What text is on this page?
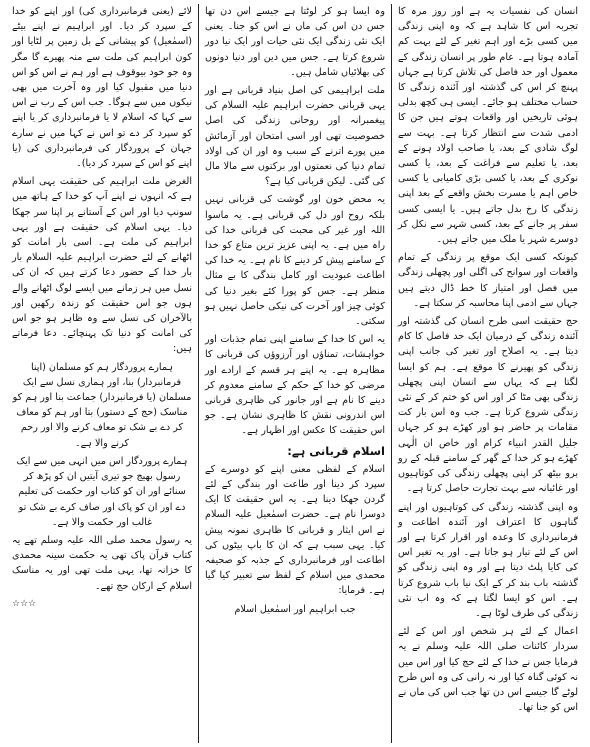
انسان کی نفسیات یہ ہے اور روز مرہ کا تجربہ اس کا شاہد ہے کہ وہ اپنی زندگی میں کسی بڑے اور اہم تغیر کے لئے بہت کم آمادہ ہوتا ہے۔ عام طور پر انسان زندگی کے معمول اور حد فاصل کی تلاش کرتا ہے جہاں پہنچ کر اس کی گذشتہ اور آئندہ زندگی کا حساب مختلف ہو جائے۔ ایسی ہی کچھ بدلی ہوئی تاریخیں اور واقعات ہوتے ہیں جن کا ادمی شدت سے انتظار کرتا ہے۔ بہت سے لوگ شادی کے بعد، یا صاحب اولاد ہونے کے بعد، یا تعلیم سے فراغت کے بعد، یا کسی نوکری کے بعد، یا کسی بڑی کامیابی یا کسی خاص اہم یا مسرت بخش واقعے کے بعد اپنی زندگی کا رخ بدل جاتے ہیں۔ یا ایسی کسی سفر پر جانے کے بعد، کسی شہر سے نکل کر دوسرے شہر یا ملک میں جاتے ہیں۔

کیونکہ کسی ایک موقع پر زندگی کے تمام واقعات اور سوانح کی اگلی اور پچھلی زندگی میں فصل اور امتیاز کا خط ڈال دیتے ہیں جہاں سے ادمی اپنا محاسبہ کر سکتا ہے۔

حج حقیقت اسی طرح انسان کی گذشتہ اور آئندہ زندگی کے درمیان ایک حد فاصل کا کام دیتا ہے۔ یہ اصلاح اور تغیر کی جانب اپنی زندگی کو پھیرنے کا موقع ہے۔ ہم کو ایسا لگتا ہے کہ یہاں سے انسان اپنی پچھلی زندگی بھی مٹا کر اور اس کو ختم کر کے نئی زندگی شروع کرتا ہے۔ جب وہ اس بار کت مقامات پر حاضر ہو اور کھڑے ہو کر جہاں جلیل القدر انبیاء کرام اور خاص ان الٰہی کھڑے ہو کر خدا کے گھر کے سامنے قبلہ کے رو برو بیٹھ کر اپنی پچھلی زندگی کی کوتاہیوں اور غائبانہ سے بہت تجارت حاصل کرتا ہے۔

وہ اپنی گذشتہ زندگی کی کوتاہیوں اور اپنے گناہوں کا اعتراف اور آئندہ اطاعت و فرمانبرداری کا وعدہ اور اقرار کرتا ہے اور اس کے لئے تیار ہو جاتا ہے۔ اور یہ تغیر اس کی کایا پلٹ دیتا ہے اور وہ اپنی زندگی کو گذشتہ باب بند کر کے ایک نیا باب شروع کرتا ہے۔ اس کو ایسا لگتا ہے کہ وہ اب نئی زندگی کی طرف لوٹا ہے۔

اعمال کے لئے ہر شخص اور اس کے لئے سردار کائنات صلی اللہ علیہ وسلم نے یہ فرمایا جس نے خدا کے لئے حج کیا اور اس میں نہ کوئی گناہ کیا اور نہ رانی کی وہ اس طرح لوٹے گا جیسے اس دن تھا جب اس کی ماں نے اس کو جنا تھا۔

وہ ایسا ہو کر لوٹتا ہے جیسے اس دن تھا جس دن اس کی ماں نے اس کو جنا۔ یعنی ایک نئی زندگی ایک نئی حیات اور ایک نیا دور شروع کرتا ہے۔ جس میں دین اور دنیا دونوں کی بھلائیاں شامل ہیں۔

ملت ابراہیمی کی اصل بنیاد قربانی ہے اور یہی قربانی حضرت ابراہیم علیہ السلام کی پیغمبرانہ اور روحانی زندگی کی اصل خصوصیت تھی اور اسی امتحان اور آزمائش میں پورے اترنے کے سبب وہ اور ان کی اولاد تمام دنیا کی نعمتوں اور برکتوں سے مالا مال کی گئی۔ لیکن قربانی کیا ہے؟

یہ محض خون اور گوشت کی قربانی نہیں بلکہ روح اور دل کی قربانی ہے۔ یہ ماسوا اللہ اور غیر کی محبت کی قربانی خدا کی راہ میں ہے۔ یہ اپنی عزیز ترین متاع کو خدا کے سامنے پیش کر دینے کا نام ہے۔ یہ خدا کی اطاعت عبودیت اور کامل بندگی کا بے مثال منظر ہے۔ جس کو پورا کئے بغیر دنیا کی کوئی چیز اور آخرت کی نیکی حاصل نہیں ہو سکتی۔

یہ اس کا خدا کے سامنے اپنی تمام جذبات اور خواہشات، تمناؤں اور آرزوؤں کی قربانی کا مظاہرہ ہے۔ یہ اپنے ہر قسم کے ارادے اور مرضی کو خدا کے حکم کے سامنے معدوم کر دینے کا نام ہے اور جانور کی ظاہری قربانی اس اندرونی نقش کا ظاہری نشان ہے۔ جو اس حقیقت کا عکس اور اظہار ہے۔

اسلام قربانی ہے:

اسلام کے لفظی معنی اپنے کو دوسرے کے سپرد کر دینا اور طاعت اور بندگی کے لئے گردن جھکا دینا ہے۔ یہ اس حقیقت کا ایک دوسرا نام ہے۔ حضرت اسمٰعیل علیہ السلام نے اس ایثار و قربانی کا ظاہری نمونہ پیش کیا۔ یہی سبب ہے کہ ان کا باپ بیٹوں کی اطاعت اور فرمانبرداری کے جذبہ کو صحیفہ محمدی میں اسلام کے لفظ سے تعبیر کیا گیا ہے۔ فرمایا:

جب ابراہیم اور اسمٰعیل اسلام

لائے (یعنی فرمانبرداری کی) اور اپنے کو خدا کے سپرد کر دیا۔ اور ابراہیم نے اپنے بیٹے (اسمٰعیل) کو پیشانی کے بل زمین پر لٹایا اور کون ابراہیم کی ملت سے منہ پھیرے گا مگر وہ جو خود بیوقوف ہے اور ہم نے اس کو اس دنیا میں مقبول کیا اور وہ آخرت میں بھی نیکوں میں سے ہوگا۔ جب اس کے رب نے اس سے کہا کہ اسلام لا یا فرمانبرداری کر یا اپنے کو سپرد کر دے تو اس نے کہا میں نے سارے جہان کے پروردگار کی فرمانبرداری کی (یا اپنے کو اس کے سپرد کر دیا)۔

الغرض ملت ابراہیم کی حقیقت یہی اسلام ہے کہ انہوں نے اپنے آپ کو خدا کے ہاتھ میں سونپ دیا اور اس کے آستانے پر اپنا سر جھکا دیا۔ یہی اسلام کی حقیقت ہے اور یہی ابراہیم کی ملت ہے۔ اسی بار امانت کو اٹھانے کے لئے حضرت ابراہیم علیہ السلام بار بار خدا کے حضور دعا کرتے ہیں کہ ان کی نسل میں ہر زمانے میں ایسے لوگ اٹھانے والے ہوں جو اس حقیقت کو زندہ رکھیں اور بالآخران کی نسل سے وہ ظاہر ہو جو اس کی امانت کو دنیا تک پہنچائے۔ دعا فرماتے ہیں:

ہمارے پروردگار ہم کو مسلمان (اپنا فرمانبردار) بنا، اور ہماری نسل سے ایک مسلمان (یا فرمانبردار) جماعت بنا اور ہم کو مناسک (حج کے دستور) بتا اور ہم کو معاف کر دے بے شک تو معاف کرنے والا اور رحم کرنے والا ہے۔

ہمارے پروردگار اس میں انہی میں سے ایک رسول بھیج جو تیری آیتیں ان کو پڑھ کر سنائے اور ان کو کتاب اور حکمت کی تعلیم دے اور ان کو پاک اور صاف کرے بے شک تو غالب اور حکمت والا ہے۔

یہ رسول محمد صلی اللہ علیہ وسلم تھے یہ کتاب قرآن پاک تھی یہ حکمت سینہ محمدی کا خزانہ تھا، یہی ملت تھی اور یہ مناسک اسلام کے ارکان حج تھے۔

☆☆☆
